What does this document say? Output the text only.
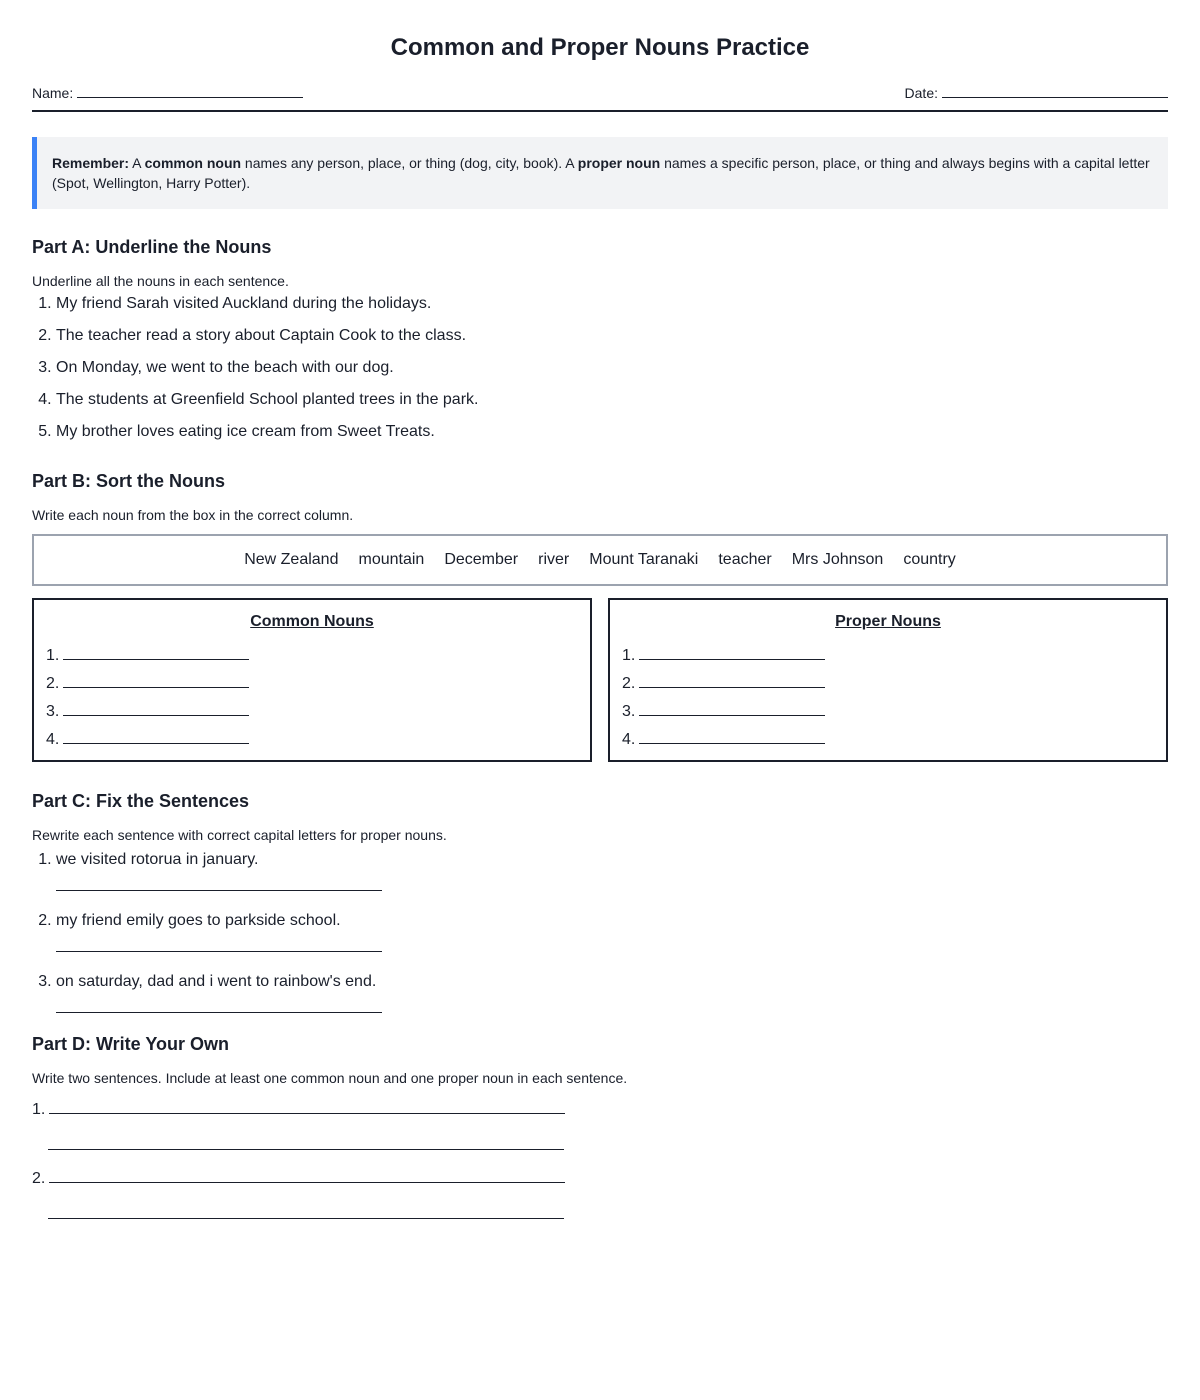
Common and Proper Nouns Practice
Name:	Date:
Remember: A common noun names any person, place, or thing (dog, city, book). A proper noun names a specific person, place, or thing and always begins with a capital letter (Spot, Wellington, Harry Potter).
Part A: Underline the Nouns

Underline all the nouns in each sentence.

1. My friend Sarah visited Auckland during the holidays.
2. The teacher read a story about Captain Cook to the class.
3. On Monday, we went to the beach with our dog.
4. The students at Greenfield School planted trees in the park.
5. My brother loves eating ice cream from Sweet Treats.
Part B: Sort the Nouns

Write each noun from the box in the correct column.

New Zealand mountain December river Mount Taranaki teacher Mrs Johnson country
Common Nouns
1.
2.
3.
4.
Proper Nouns
1.
2.
3.
4.
Part C: Fix the Sentences

Rewrite each sentence with correct capital letters for proper nouns.

1. we visited rotorua in january.
2. my friend emily goes to parkside school.
3. on saturday, dad and i went to rainbow's end.
Part D: Write Your Own

Write two sentences. Include at least one common noun and one proper noun in each sentence.

1.
2.
